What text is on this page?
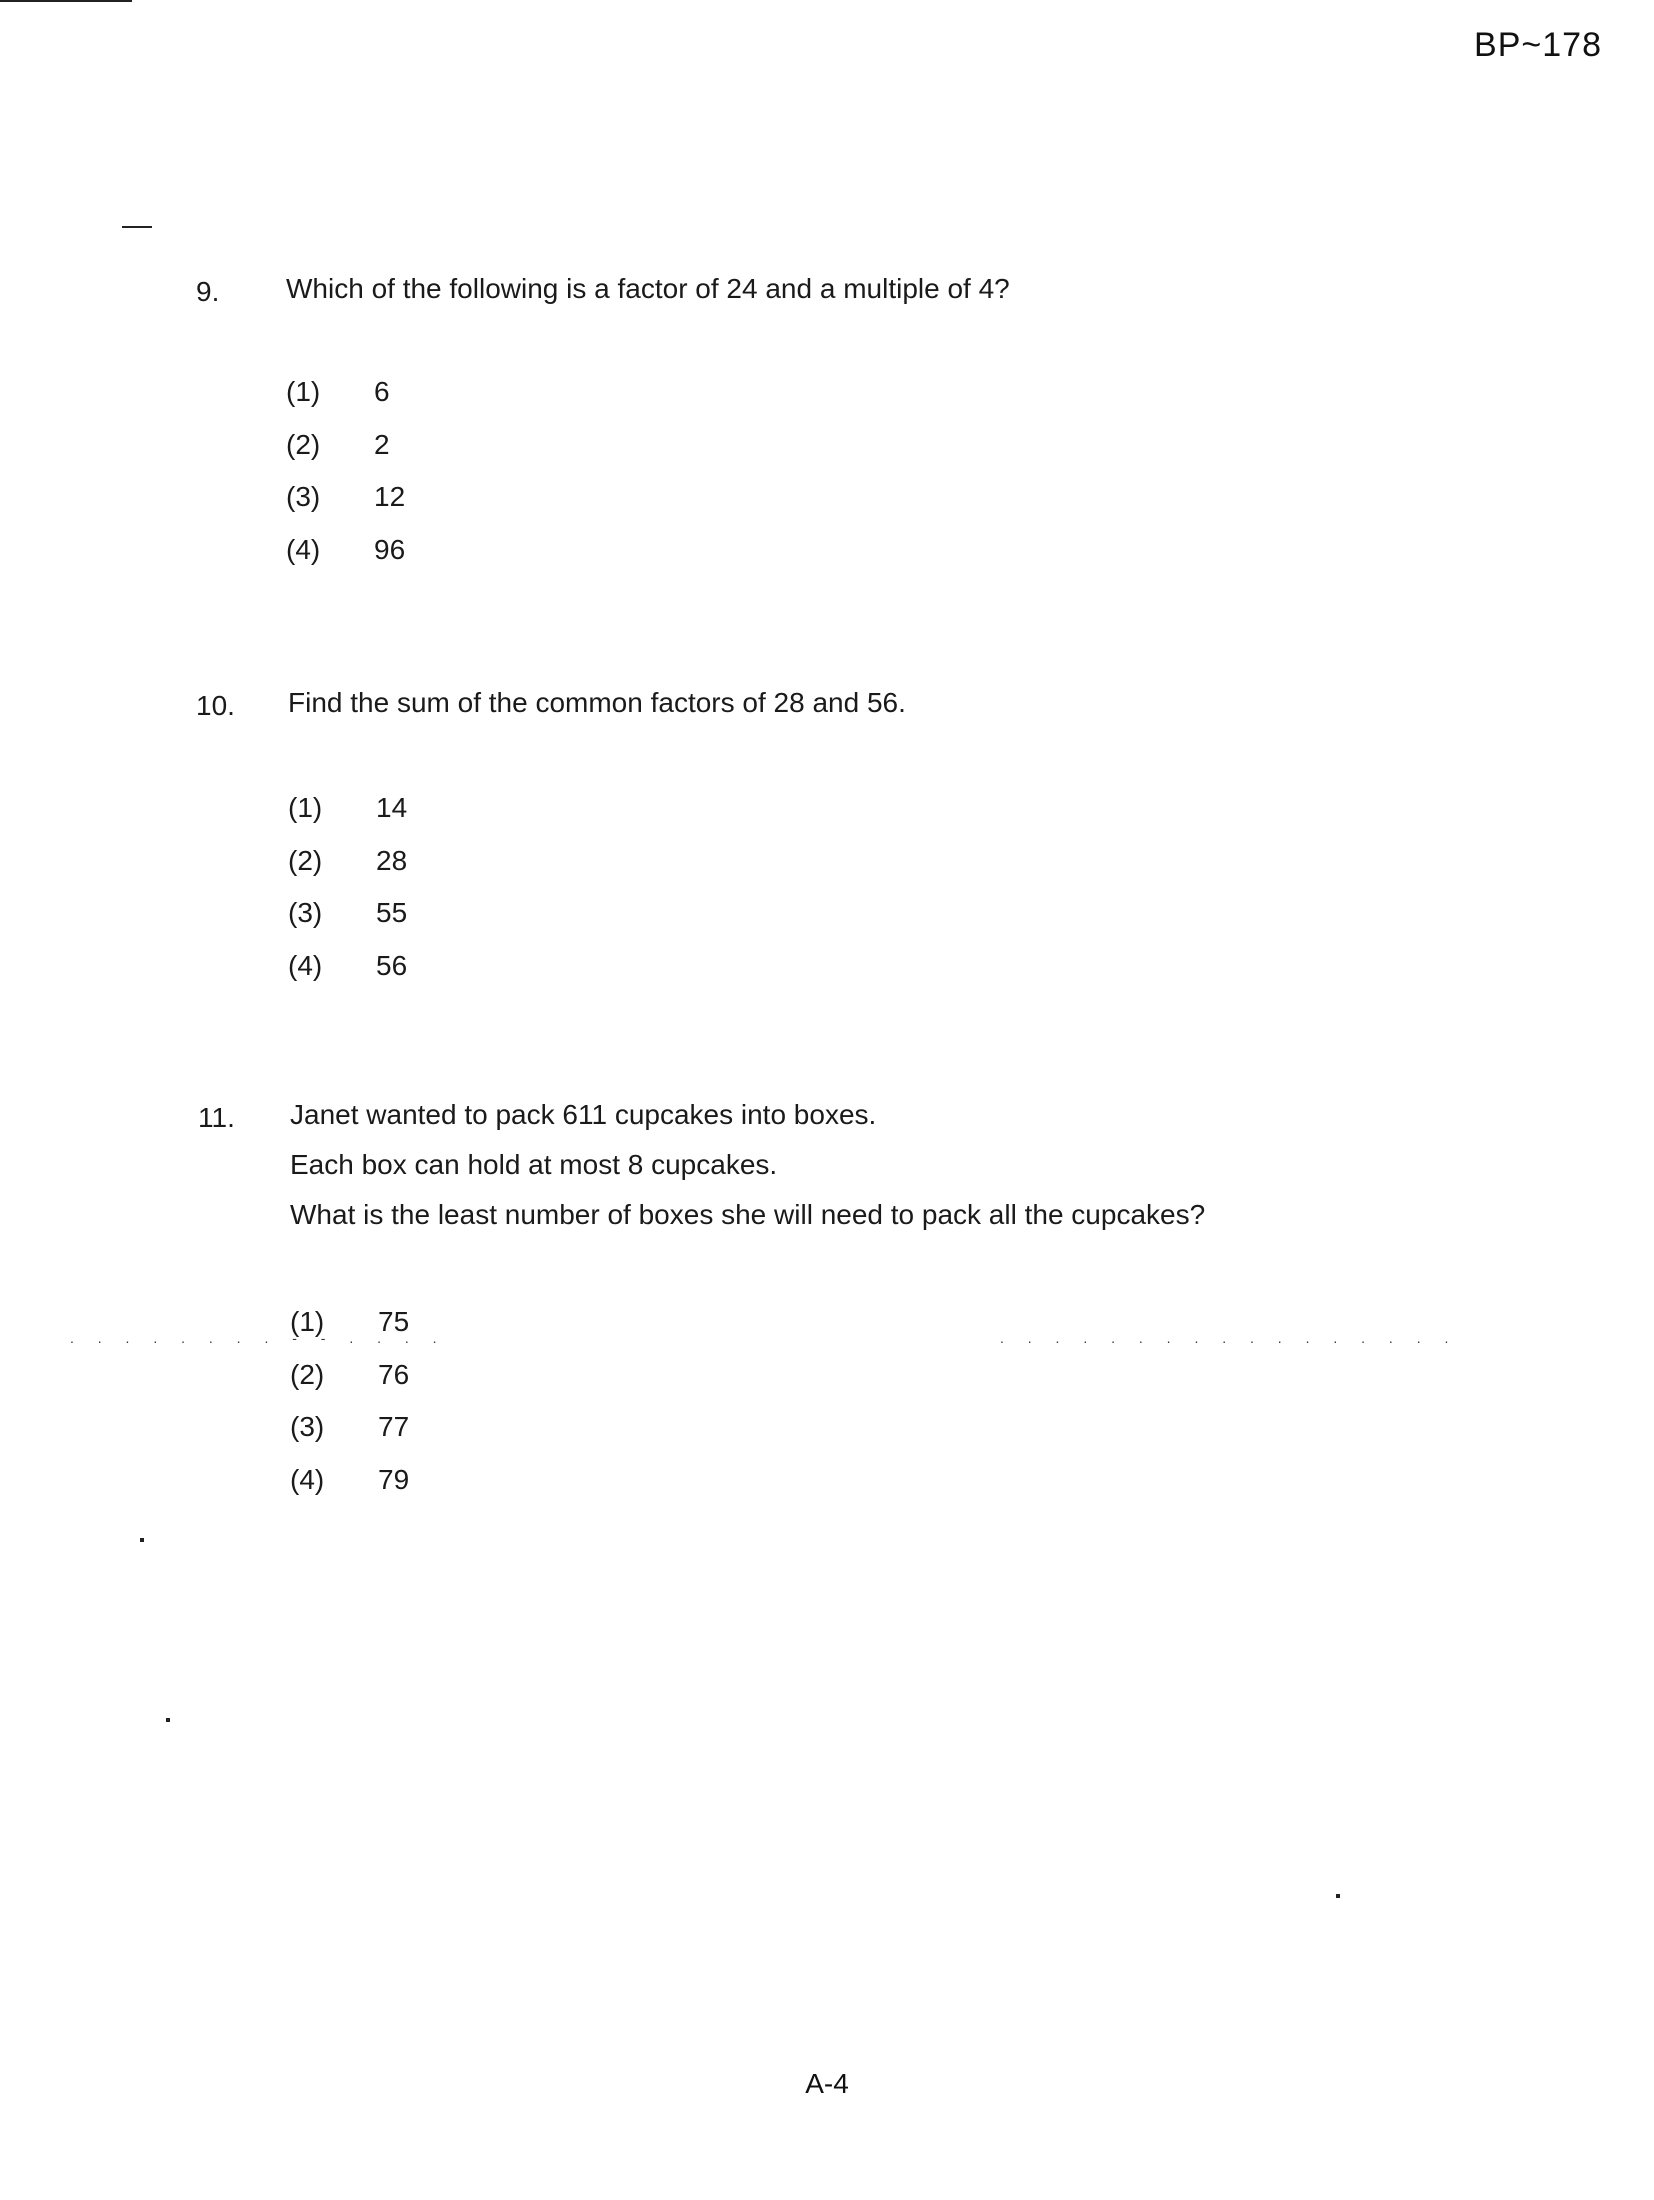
. . . . . . . . - - . . . .	. . . . . . . . . . . . . . . . .
BP~178
9. Which of the following is a factor of 24 and a multiple of 4?
(1)	6
(2)	2
(3)	12
(4)	96
10. Find the sum of the common factors of 28 and 56.
(1)	14
(2)	28
(3)	55
(4)	56
11. Janet wanted to pack 611 cupcakes into boxes.
Each box can hold at most 8 cupcakes.
What is the least number of boxes she will need to pack all the cupcakes?
(1)	75
(2)	76
(3)	77
(4)	79
A-4
